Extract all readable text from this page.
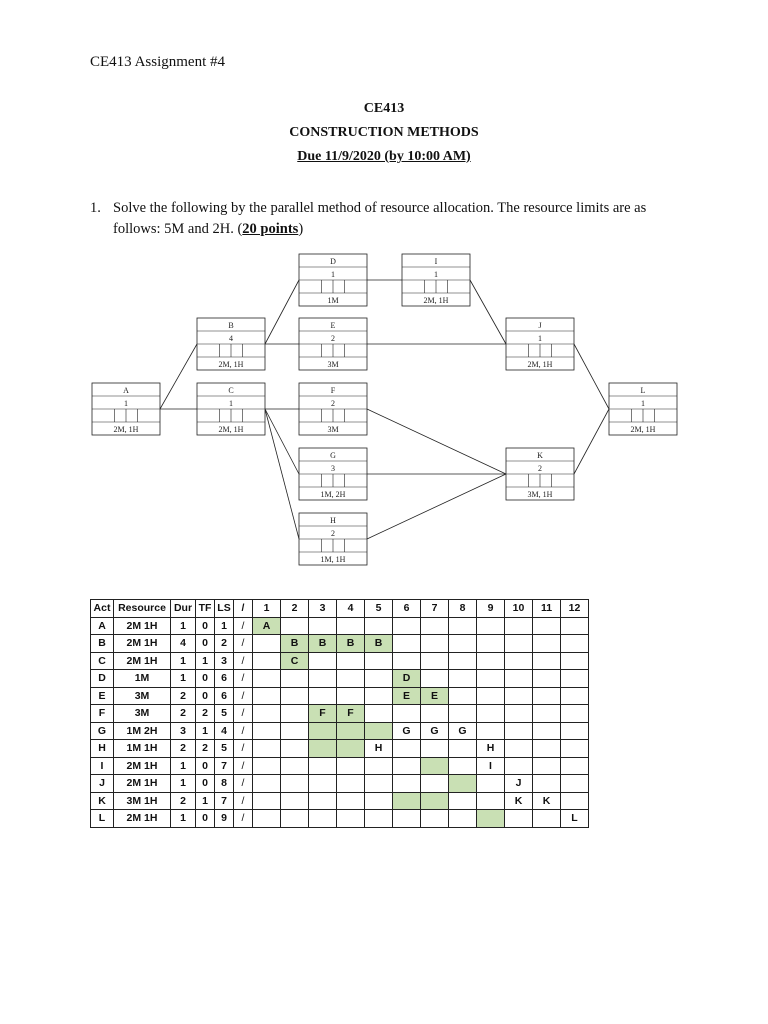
CE413 Assignment #4
CE413
CONSTRUCTION METHODS
Due 11/9/2020 (by 10:00 AM)
1. Solve the following by the parallel method of resource allocation. The resource limits are as follows: 5M and 2H. (20 points)
A
1
2M, 1H
B
4
2M, 1H
C
1
2M, 1H
D
1
1M
E
2
3M
F
2
3M
G
3
1M, 2H
H
2
1M, 1H
I
1
2M, 1H
J
1
2M, 1H
K
2
3M, 1H
L
1
2M, 1H
Act	Resource	Dur	TF	LS	/	1	2	3	4	5	6	7	8	9	10	11	12
A	2M 1H	1	0	1	/	A											
B	2M 1H	4	0	2	/		B	B	B	B							
C	2M 1H	1	1	3	/		C										
D	1M	1	0	6	/						D						
E	3M	2	0	6	/						E	E					
F	3M	2	2	5	/			F	F								
G	1M 2H	3	1	4	/						G	G	G				
H	1M 1H	2	2	5	/					H				H			
I	2M 1H	1	0	7	/									I			
J	2M 1H	1	0	8	/										J		
K	3M 1H	2	1	7	/										K	K	
L	2M 1H	1	0	9	/												L
